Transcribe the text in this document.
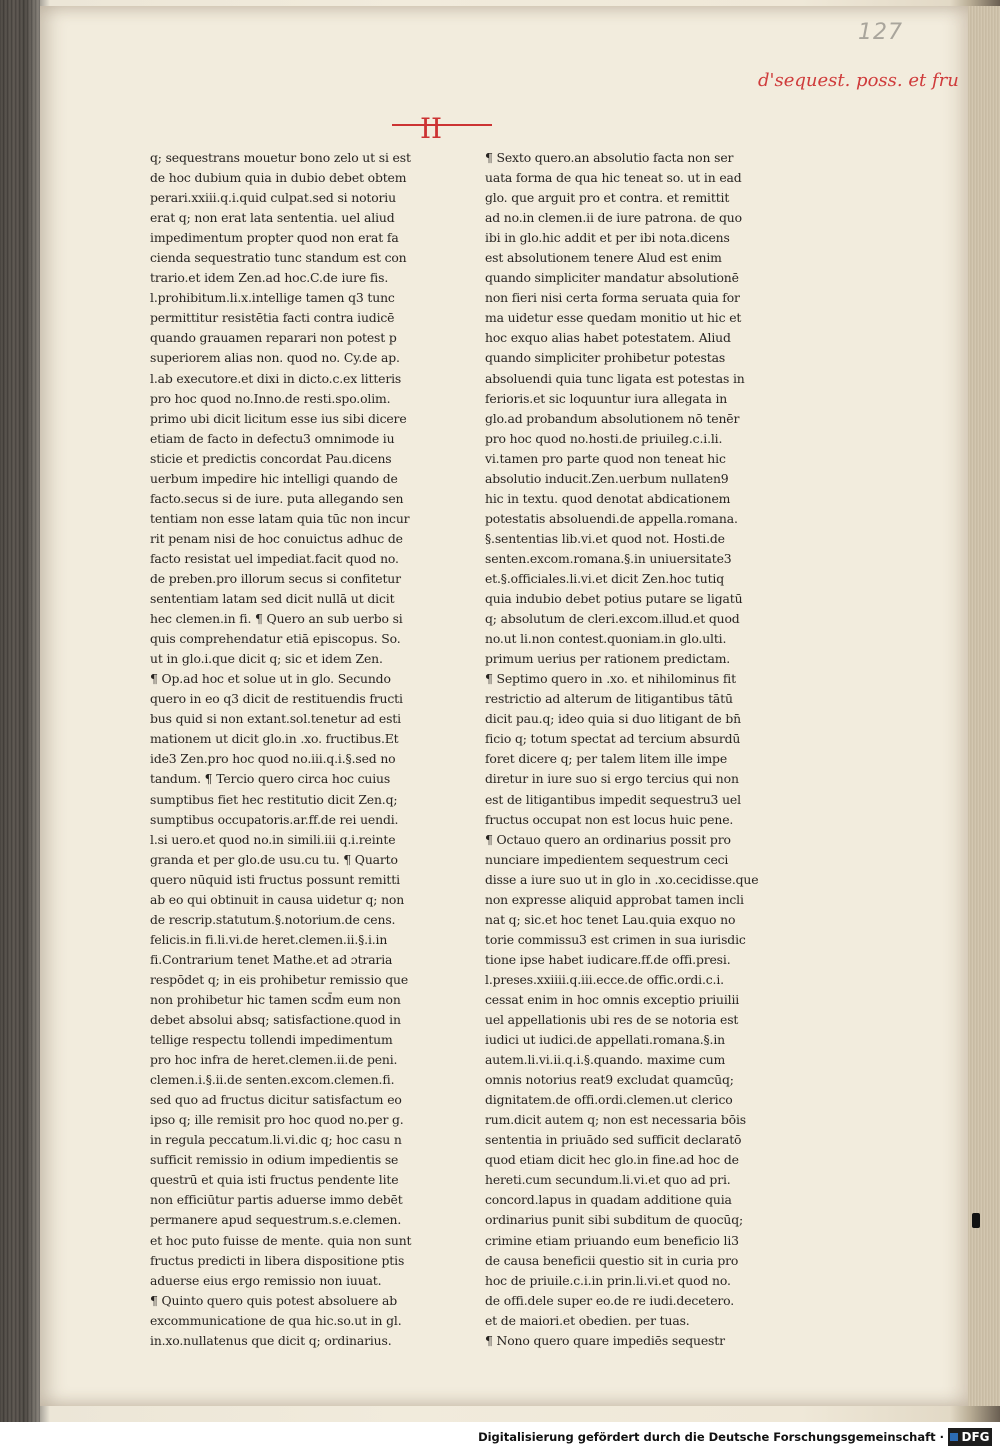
127
d'sequest. poss. et fru
II
q; sequestrans mouetur bono zelo ut si est
de hoc dubium quia in dubio debet obtem
perari.xxiii.q.i.quid culpat.sed si notoriu
erat q; non erat lata sententia. uel aliud
impedimentum propter quod non erat fa
cienda sequestratio tunc standum est con
trario.et idem Zen.ad hoc.C.de iure fis.
l.prohibitum.li.x.intellige tamen q3 tunc
permittitur resistētia facti contra iudicē
quando grauamen reparari non potest p
superiorem alias non. quod no. Cy.de ap.
l.ab executore.et dixi in dicto.c.ex litteris
pro hoc quod no.Inno.de resti.spo.olim.
primo ubi dicit licitum esse ius sibi dicere
etiam de facto in defectu3 omnimode iu
sticie et predictis concordat Pau.dicens
uerbum impedire hic intelligi quando de
facto.secus si de iure. puta allegando sen
tentiam non esse latam quia tūc non incur
rit penam nisi de hoc conuictus adhuc de
facto resistat uel impediat.facit quod no.
de preben.pro illorum secus si confitetur
sententiam latam sed dicit nullā ut dicit
hec clemen.in fi. ¶ Quero an sub uerbo si
quis comprehendatur etiā episcopus. So.
ut in glo.i.que dicit q; sic et idem Zen.
¶ Op.ad hoc et solue ut in glo. Secundo
quero in eo q3 dicit de restituendis fructi
bus quid si non extant.sol.tenetur ad esti
mationem ut dicit glo.in .xo. fructibus.Et
ide3 Zen.pro hoc quod no.iii.q.i.§.sed no
tandum. ¶ Tercio quero circa hoc cuius
sumptibus fiet hec restitutio dicit Zen.q;
sumptibus occupatoris.ar.ff.de rei uendi.
l.si uero.et quod no.in simili.iii q.i.reinte
granda et per glo.de usu.cu tu. ¶ Quarto
quero nūquid isti fructus possunt remitti
ab eo qui obtinuit in causa uidetur q; non
de rescrip.statutum.§.notorium.de cens.
felicis.in fi.li.vi.de heret.clemen.ii.§.i.in
fi.Contrarium tenet Mathe.et ad ɔtraria
respōdet q; in eis prohibetur remissio que
non prohibetur hic tamen scd̄m eum non
debet absolui absq; satisfactione.quod in
tellige respectu tollendi impedimentum
pro hoc infra de heret.clemen.ii.de peni.
clemen.i.§.ii.de senten.excom.clemen.fi.
sed quo ad fructus dicitur satisfactum eo
ipso q; ille remisit pro hoc quod no.per g.
in regula peccatum.li.vi.dic q; hoc casu n
sufficit remissio in odium impedientis se
questrū et quia isti fructus pendente lite
non efficiūtur partis aduerse immo debēt
permanere apud sequestrum.s.e.clemen.
et hoc puto fuisse de mente. quia non sunt
fructus predicti in libera dispositione ptis
aduerse eius ergo remissio non iuuat.
¶ Quinto quero quis potest absoluere ab
excommunicatione de qua hic.so.ut in gl.
in.xo.nullatenus que dicit q; ordinarius.
¶ Sexto quero.an absolutio facta non ser
uata forma de qua hic teneat so. ut in ead
glo. que arguit pro et contra. et remittit
ad no.in clemen.ii de iure patrona. de quo
ibi in glo.hic addit et per ibi nota.dicens
est absolutionem tenere Alud est enim
quando simpliciter mandatur absolutionē
non fieri nisi certa forma seruata quia for
ma uidetur esse quedam monitio ut hic et
hoc exquo alias habet potestatem. Aliud
quando simpliciter prohibetur potestas
absoluendi quia tunc ligata est potestas in
ferioris.et sic loquuntur iura allegata in
glo.ad probandum absolutionem nō tenēr
pro hoc quod no.hosti.de priuileg.c.i.li.
vi.tamen pro parte quod non teneat hic
absolutio inducit.Zen.uerbum nullaten9
hic in textu. quod denotat abdicationem
potestatis absoluendi.de appella.romana.
§.sententias lib.vi.et quod not. Hosti.de
senten.excom.romana.§.in uniuersitate3
et.§.officiales.li.vi.et dicit Zen.hoc tutiq
quia indubio debet potius putare se ligatū
q; absolutum de cleri.excom.illud.et quod
no.ut li.non contest.quoniam.in glo.ulti.
primum uerius per rationem predictam.
¶ Septimo quero in .xo. et nihilominus fit
restrictio ad alterum de litigantibus tātū
dicit pau.q; ideo quia si duo litigant de bn̄
ficio q; totum spectat ad tercium absurdū
foret dicere q; per talem litem ille impe
diretur in iure suo si ergo tercius qui non
est de litigantibus impedit sequestru3 uel
fructus occupat non est locus huic pene.
¶ Octauo quero an ordinarius possit pro
nunciare impedientem sequestrum ceci
disse a iure suo ut in glo in .xo.cecidisse.que
non expresse aliquid approbat tamen incli
nat q; sic.et hoc tenet Lau.quia exquo no
torie commissu3 est crimen in sua iurisdic
tione ipse habet iudicare.ff.de offi.presi.
l.preses.xxiiii.q.iii.ecce.de offic.ordi.c.i.
cessat enim in hoc omnis exceptio priuilii
uel appellationis ubi res de se notoria est
iudici ut iudici.de appellati.romana.§.in
autem.li.vi.ii.q.i.§.quando. maxime cum
omnis notorius reat9 excludat quamcūq;
dignitatem.de offi.ordi.clemen.ut clerico
rum.dicit autem q; non est necessaria bōis
sententia in priuādo sed sufficit declaratō
quod etiam dicit hec glo.in fine.ad hoc de
hereti.cum secundum.li.vi.et quo ad pri.
concord.lapus in quadam additione quia
ordinarius punit sibi subditum de quocūq;
crimine etiam priuando eum beneficio li3
de causa beneficii questio sit in curia pro
hoc de priuile.c.i.in prin.li.vi.et quod no.
de offi.dele super eo.de re iudi.decetero.
et de maiori.et obedien. per tuas.
¶ Nono quero quare impediēs sequestr
Digitalisierung gefördert durch die Deutsche Forschungsgemeinschaft · DFG
